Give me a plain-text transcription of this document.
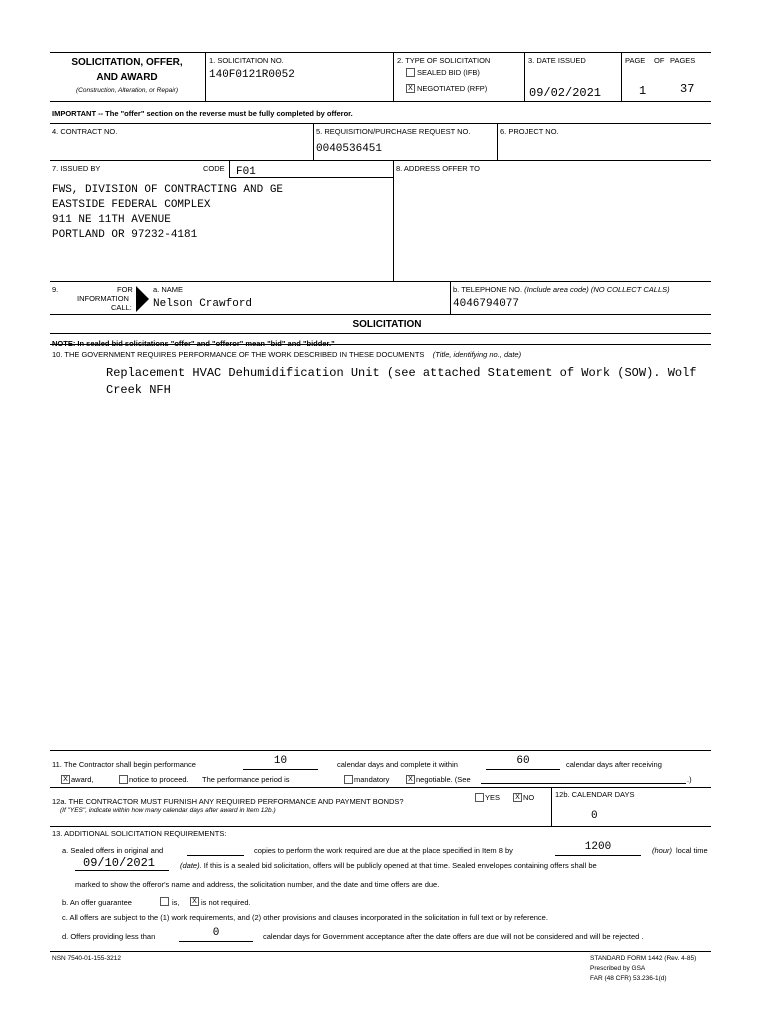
SOLICITATION, OFFER,
AND AWARD
(Construction, Alteration, or Repair)
1. SOLICITATION NO.
140F0121R0052
2. TYPE OF SOLICITATION
SEALED BID (IFB)
X NEGOTIATED (RFP)
3. DATE ISSUED
09/02/2021
PAGE OF PAGES
1	37
IMPORTANT -- The "offer" section on the reverse must be fully completed by offeror.
4. CONTRACT NO.	5. REQUISITION/PURCHASE REQUEST NO.
0040536451
6. PROJECT NO.
7. ISSUED BY	CODE F01	8. ADDRESS OFFER TO
FWS, DIVISION OF CONTRACTING AND GE
EASTSIDE FEDERAL COMPLEX
911 NE 11TH AVENUE
PORTLAND OR 97232-4181
9.	FOR
INFORMATION
CALL:
a. NAME
Nelson Crawford
b. TELEPHONE NO. (Include area code) (NO COLLECT CALLS)
4046794077
SOLICITATION
NOTE: In sealed bid solicitations "offer" and "offeror" mean "bid" and "bidder."
10. THE GOVERNMENT REQUIRES PERFORMANCE OF THE WORK DESCRIBED IN THESE DOCUMENTS (Title, identifying no., date)
Replacement HVAC Dehumidification Unit (see attached Statement of Work (SOW). Wolf
Creek NFH
11. The Contractor shall begin performance	10	calendar days and complete it within	60	calendar days after receiving
X award,	notice to proceed. The performance period is	mandatory	X negotiable. (See	.)
12a. THE CONTRACTOR MUST FURNISH ANY REQUIRED PERFORMANCE AND PAYMENT BONDS?
(If "YES", indicate within how many calendar days after award in Item 12b.)
YES	X NO	12b. CALENDAR DAYS
0
13. ADDITIONAL SOLICITATION REQUIREMENTS:
a. Sealed offers in original and	copies to perform the work required are due at the place specified in Item 8 by	1200	(hour) local time
09/10/2021	(date). If this is a sealed bid solicitation, offers will be publicly opened at that time. Sealed envelopes containing offers shall be
marked to show the offeror's name and address, the solicitation number, and the date and time offers are due.
b. An offer guarantee	is,	X is not required.
c. All offers are subject to the (1) work requirements, and (2) other provisions and clauses incorporated in the solicitation in full text or by reference.
d. Offers providing less than	0	calendar days for Government acceptance after the date offers are due will not be considered and will be rejected .
NSN 7540-01-155-3212	STANDARD FORM 1442 (Rev. 4-85)
Prescribed by GSA
FAR (48 CFR) 53.236-1(d)
